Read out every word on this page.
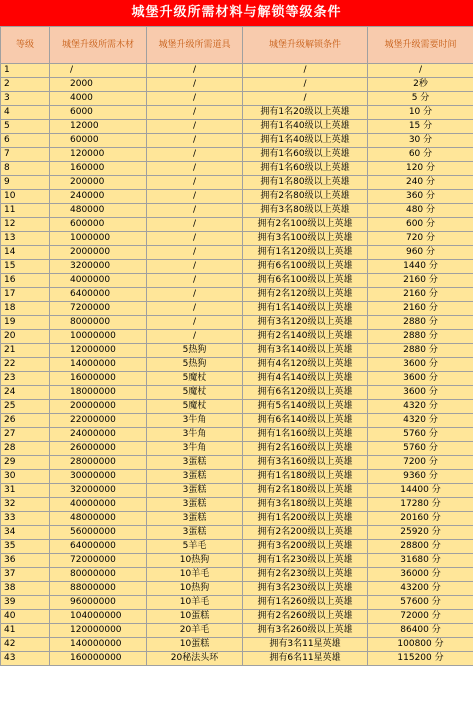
城堡升级所需材料与解锁等级条件
等级	城堡升级所需木材	城堡升级所需道具	城堡升级解锁条件	城堡升级需要时间
1	/	/	/	/
2	2000	/	/	2秒
3	4000	/	/	5 分
4	6000	/	拥有1名20级以上英雄	10 分
5	12000	/	拥有1名40级以上英雄	15 分
6	60000	/	拥有1名40级以上英雄	30 分
7	120000	/	拥有1名60级以上英雄	60 分
8	160000	/	拥有1名60级以上英雄	120 分
9	200000	/	拥有1名80级以上英雄	240 分
10	240000	/	拥有2名80级以上英雄	360 分
11	480000	/	拥有3名80级以上英雄	480 分
12	600000	/	拥有2名100级以上英雄	600 分
13	1000000	/	拥有3名100级以上英雄	720 分
14	2000000	/	拥有1名120级以上英雄	960 分
15	3200000	/	拥有6名100级以上英雄	1440 分
16	4000000	/	拥有6名100级以上英雄	2160 分
17	6400000	/	拥有2名120级以上英雄	2160 分
18	7200000	/	拥有1名140级以上英雄	2160 分
19	8000000	/	拥有3名120级以上英雄	2880 分
20	10000000	/	拥有2名140级以上英雄	2880 分
21	12000000	5热狗	拥有3名140级以上英雄	2880 分
22	14000000	5热狗	拥有4名120级以上英雄	3600 分
23	16000000	5魔杖	拥有4名140级以上英雄	3600 分
24	18000000	5魔杖	拥有6名120级以上英雄	3600 分
25	20000000	5魔杖	拥有5名140级以上英雄	4320 分
26	22000000	3牛角	拥有6名140级以上英雄	4320 分
27	24000000	3牛角	拥有1名160级以上英雄	5760 分
28	26000000	3牛角	拥有2名160级以上英雄	5760 分
29	28000000	3蛋糕	拥有3名160级以上英雄	7200 分
30	30000000	3蛋糕	拥有1名180级以上英雄	9360 分
31	32000000	3蛋糕	拥有2名180级以上英雄	14400 分
32	40000000	3蛋糕	拥有3名180级以上英雄	17280 分
33	48000000	3蛋糕	拥有1名200级以上英雄	20160 分
34	56000000	3蛋糕	拥有2名200级以上英雄	25920 分
35	64000000	5羊毛	拥有3名200级以上英雄	28800 分
36	72000000	10热狗	拥有1名230级以上英雄	31680 分
37	80000000	10羊毛	拥有2名230级以上英雄	36000 分
38	88000000	10热狗	拥有3名230级以上英雄	43200 分
39	96000000	10羊毛	拥有1名260级以上英雄	57600 分
40	104000000	10蛋糕	拥有2名260级以上英雄	72000 分
41	120000000	20羊毛	拥有3名260级以上英雄	86400 分
42	140000000	10蛋糕	拥有3名11星英雄	100800 分
43	160000000	20秘法头环	拥有6名11星英雄	115200 分
